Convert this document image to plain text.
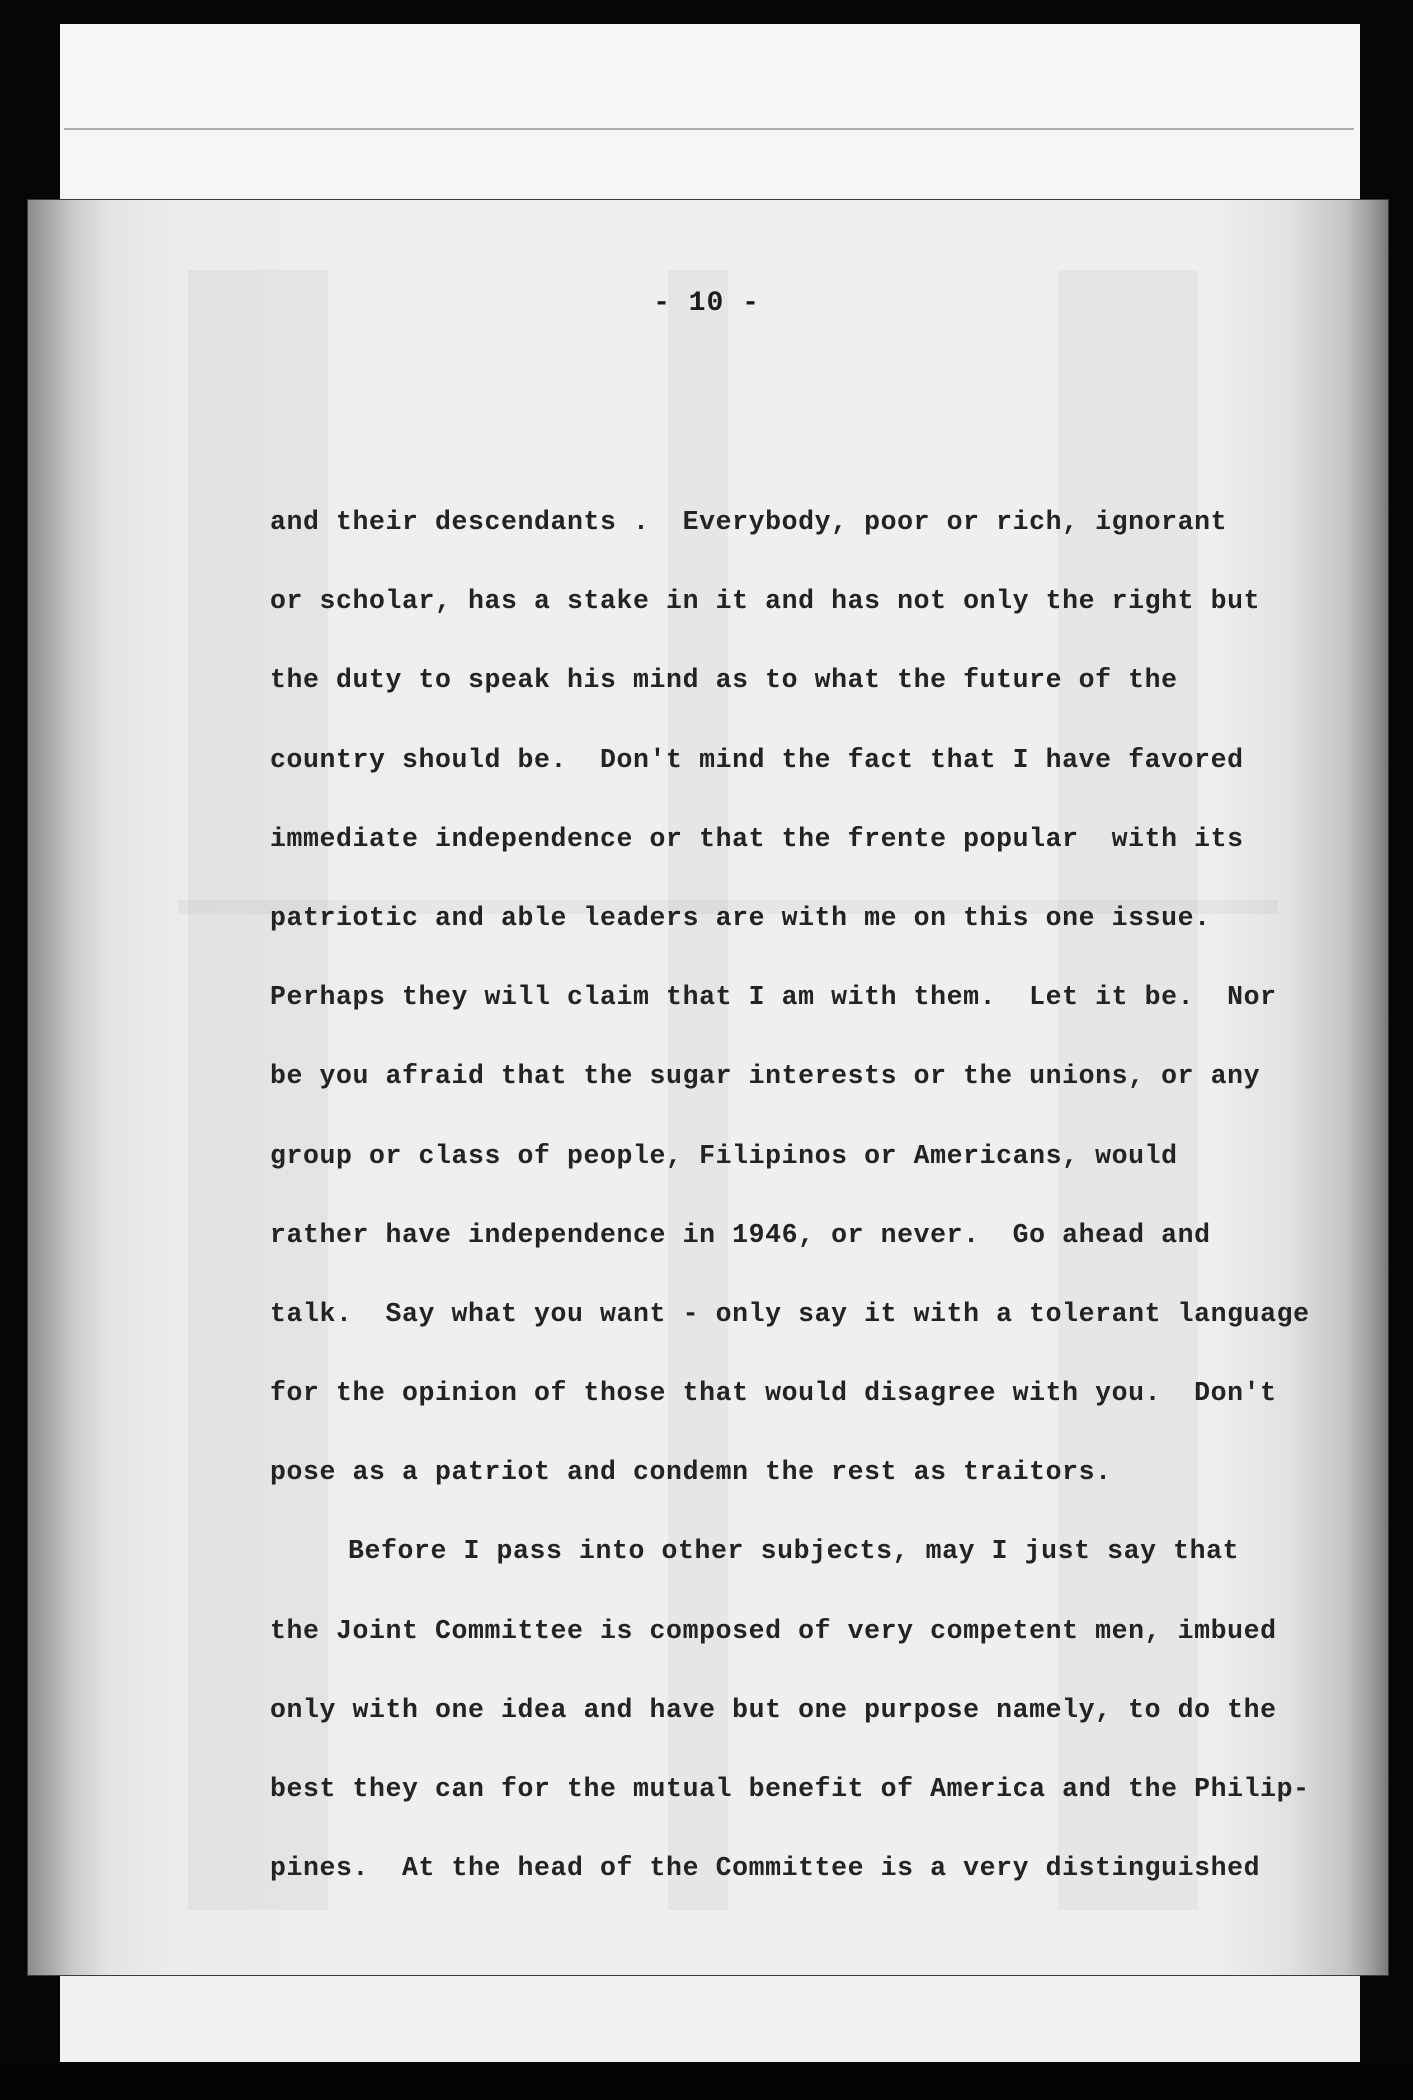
- 10 -
and their descendants .  Everybody, poor or rich, ignorant
or scholar, has a stake in it and has not only the right but
the duty to speak his mind as to what the future of the
country should be.  Don't mind the fact that I have favored
immediate independence or that the frente popular  with its
patriotic and able leaders are with me on this one issue.
Perhaps they will claim that I am with them.  Let it be.  Nor
be you afraid that the sugar interests or the unions, or any
group or class of people, Filipinos or Americans, would
rather have independence in 1946, or never.  Go ahead and
talk.  Say what you want - only say it with a tolerant language
for the opinion of those that would disagree with you.  Don't
pose as a patriot and condemn the rest as traitors.
Before I pass into other subjects, may I just say that
the Joint Committee is composed of very competent men, imbued
only with one idea and have but one purpose namely, to do the
best they can for the mutual benefit of America and the Philip-
pines.  At the head of the Committee is a very distinguished
